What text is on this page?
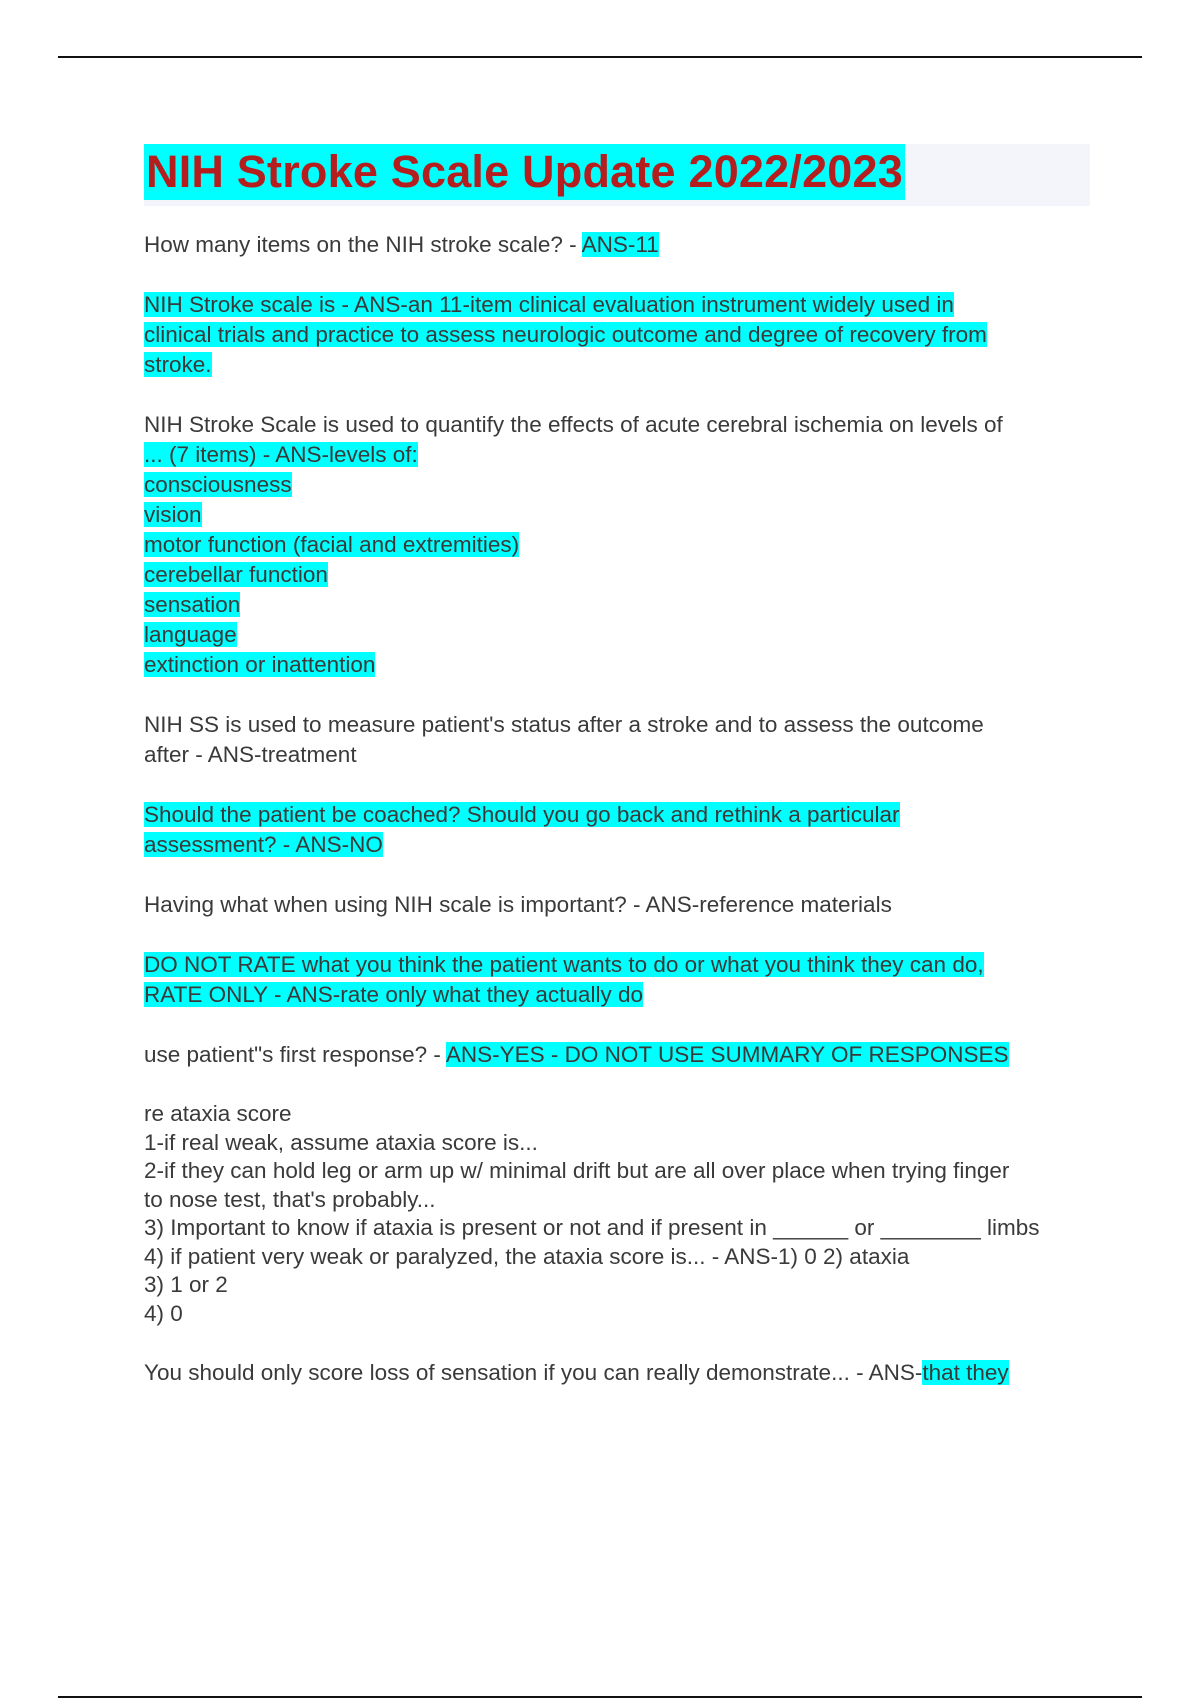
NIH Stroke Scale Update 2022/2023
How many items on the NIH stroke scale? - ANS-11
NIH Stroke scale is - ANS-an 11-item clinical evaluation instrument widely used in
clinical trials and practice to assess neurologic outcome and degree of recovery from
stroke.
NIH Stroke Scale is used to quantify the effects of acute cerebral ischemia on levels of
... (7 items) - ANS-levels of:
consciousness
vision
motor function (facial and extremities)
cerebellar function
sensation
language
extinction or inattention
NIH SS is used to measure patient's status after a stroke and to assess the outcome
after - ANS-treatment
Should the patient be coached? Should you go back and rethink a particular
assessment? - ANS-NO
Having what when using NIH scale is important? - ANS-reference materials
DO NOT RATE what you think the patient wants to do or what you think they can do,
RATE ONLY - ANS-rate only what they actually do
use patient"s first response? - ANS-YES - DO NOT USE SUMMARY OF RESPONSES
re ataxia score
1-if real weak, assume ataxia score is...
2-if they can hold leg or arm up w/ minimal drift but are all over place when trying finger
to nose test, that's probably...
3) Important to know if ataxia is present or not and if present in ______ or ________ limbs
4) if patient very weak or paralyzed, the ataxia score is... - ANS-1) 0 2) ataxia
3) 1 or 2
4) 0
You should only score loss of sensation if you can really demonstrate... - ANS-that they
